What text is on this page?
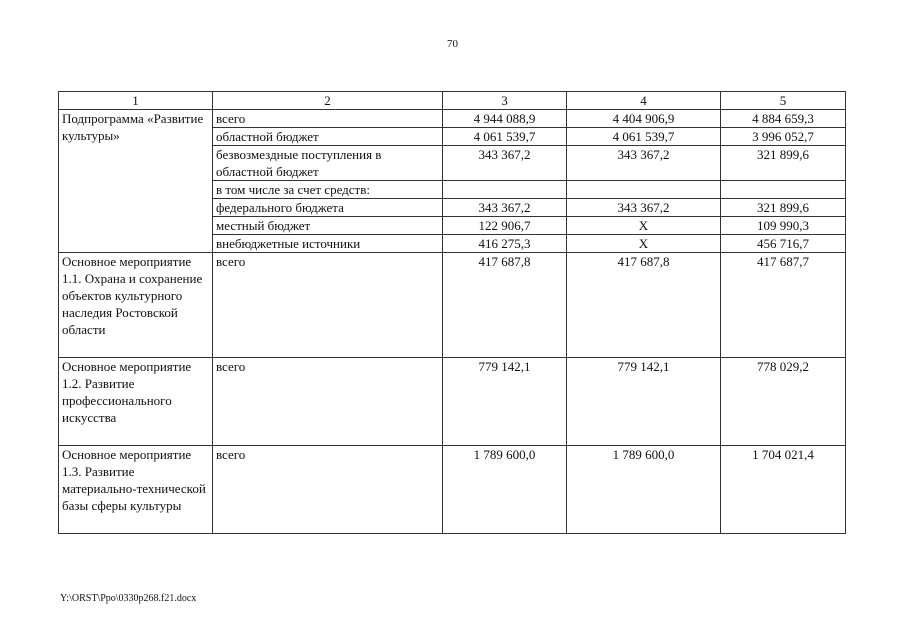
70
1	2	3	4	5
Подпрограмма «Развитие культуры»	всего	4 944 088,9	4 404 906,9	4 884 659,3
	областной бюджет	4 061 539,7	4 061 539,7	3 996 052,7
	безвозмездные поступления в областной бюджет	343 367,2	343 367,2	321 899,6
	в том числе за счет средств:			
	федерального бюджета	343 367,2	343 367,2	321 899,6
	местный бюджет	122 906,7	Х	109 990,3
	внебюджетные источники	416 275,3	Х	456 716,7
Основное мероприятие 1.1. Охрана и сохранение объектов культурного наследия Ростовской области	всего	417 687,8	417 687,8	417 687,7
Основное мероприятие 1.2. Развитие профессионального искусства	всего	779 142,1	779 142,1	778 029,2
Основное мероприятие 1.3. Развитие материально-технической базы сферы культуры	всего	1 789 600,0	1 789 600,0	1 704 021,4
Y:\ORST\Ppo\0330p268.f21.docx
